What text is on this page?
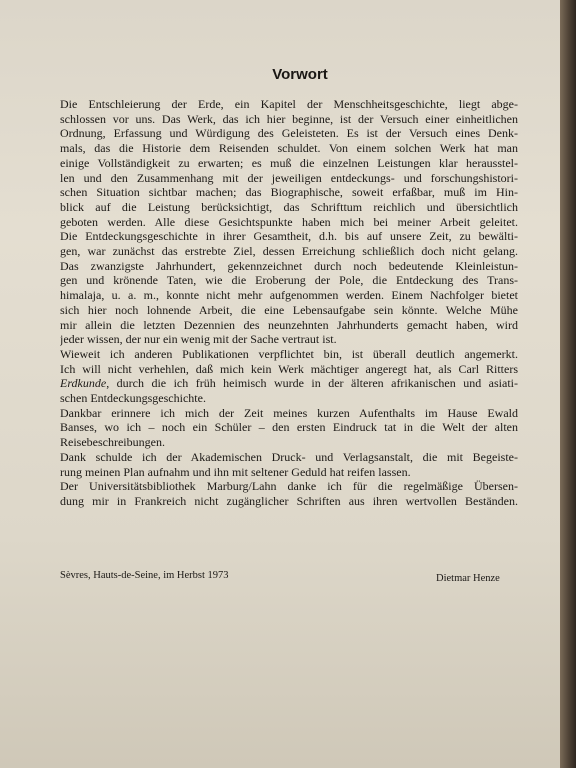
Vorwort
Die Entschleierung der Erde, ein Kapitel der Menschheitsgeschichte, liegt abge-
schlossen vor uns. Das Werk, das ich hier beginne, ist der Versuch einer einheitlichen
Ordnung, Erfassung und Würdigung des Geleisteten. Es ist der Versuch eines Denk-
mals, das die Historie dem Reisenden schuldet. Von einem solchen Werk hat man
einige Vollständigkeit zu erwarten; es muß die einzelnen Leistungen klar herausstel-
len und den Zusammenhang mit der jeweiligen entdeckungs- und forschungshistori-
schen Situation sichtbar machen; das Biographische, soweit erfaßbar, muß im Hin-
blick auf die Leistung berücksichtigt, das Schrifttum reichlich und übersichtlich
geboten werden. Alle diese Gesichtspunkte haben mich bei meiner Arbeit geleitet.
Die Entdeckungsgeschichte in ihrer Gesamtheit, d.h. bis auf unsere Zeit, zu bewälti-
gen, war zunächst das erstrebte Ziel, dessen Erreichung schließlich doch nicht gelang.
Das zwanzigste Jahrhundert, gekennzeichnet durch noch bedeutende Kleinleistun-
gen und krönende Taten, wie die Eroberung der Pole, die Entdeckung des Trans-
himalaja, u. a. m., konnte nicht mehr aufgenommen werden. Einem Nachfolger bietet
sich hier noch lohnende Arbeit, die eine Lebensaufgabe sein könnte. Welche Mühe
mir allein die letzten Dezennien des neunzehnten Jahrhunderts gemacht haben, wird
jeder wissen, der nur ein wenig mit der Sache vertraut ist.
Wieweit ich anderen Publikationen verpflichtet bin, ist überall deutlich angemerkt.
Ich will nicht verhehlen, daß mich kein Werk mächtiger angeregt hat, als Carl Ritters
Erdkunde, durch die ich früh heimisch wurde in der älteren afrikanischen und asiati-
schen Entdeckungsgeschichte.
Dankbar erinnere ich mich der Zeit meines kurzen Aufenthalts im Hause Ewald
Banses, wo ich – noch ein Schüler – den ersten Eindruck tat in die Welt der alten
Reisebeschreibungen.
Dank schulde ich der Akademischen Druck- und Verlagsanstalt, die mit Begeiste-
rung meinen Plan aufnahm und ihn mit seltener Geduld hat reifen lassen.
Der Universitätsbibliothek Marburg/Lahn danke ich für die regelmäßige Übersen-
dung mir in Frankreich nicht zugänglicher Schriften aus ihren wertvollen Beständen.
Sèvres, Hauts-de-Seine, im Herbst 1973	Dietmar Henze
